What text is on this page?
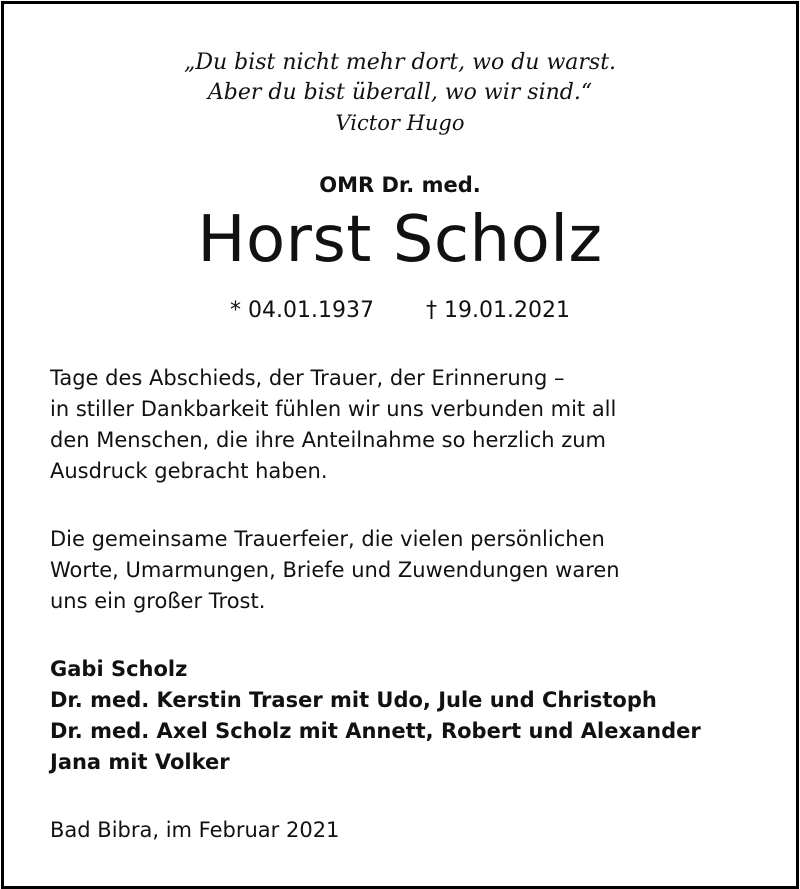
„Du bist nicht mehr dort, wo du warst.
Aber du bist überall, wo wir sind.“
Victor Hugo
OMR Dr. med.
Horst Scholz
* 04.01.1937 † 19.01.2021
Tage des Abschieds, der Trauer, der Erinnerung –
in stiller Dankbarkeit fühlen wir uns verbunden mit all
den Menschen, die ihre Anteilnahme so herzlich zum
Ausdruck gebracht haben.
Die gemeinsame Trauerfeier, die vielen persönlichen
Worte, Umarmungen, Briefe und Zuwendungen waren
uns ein großer Trost.
Gabi Scholz
Dr. med. Kerstin Traser mit Udo, Jule und Christoph
Dr. med. Axel Scholz mit Annett, Robert und Alexander
Jana mit Volker
Bad Bibra, im Februar 2021
